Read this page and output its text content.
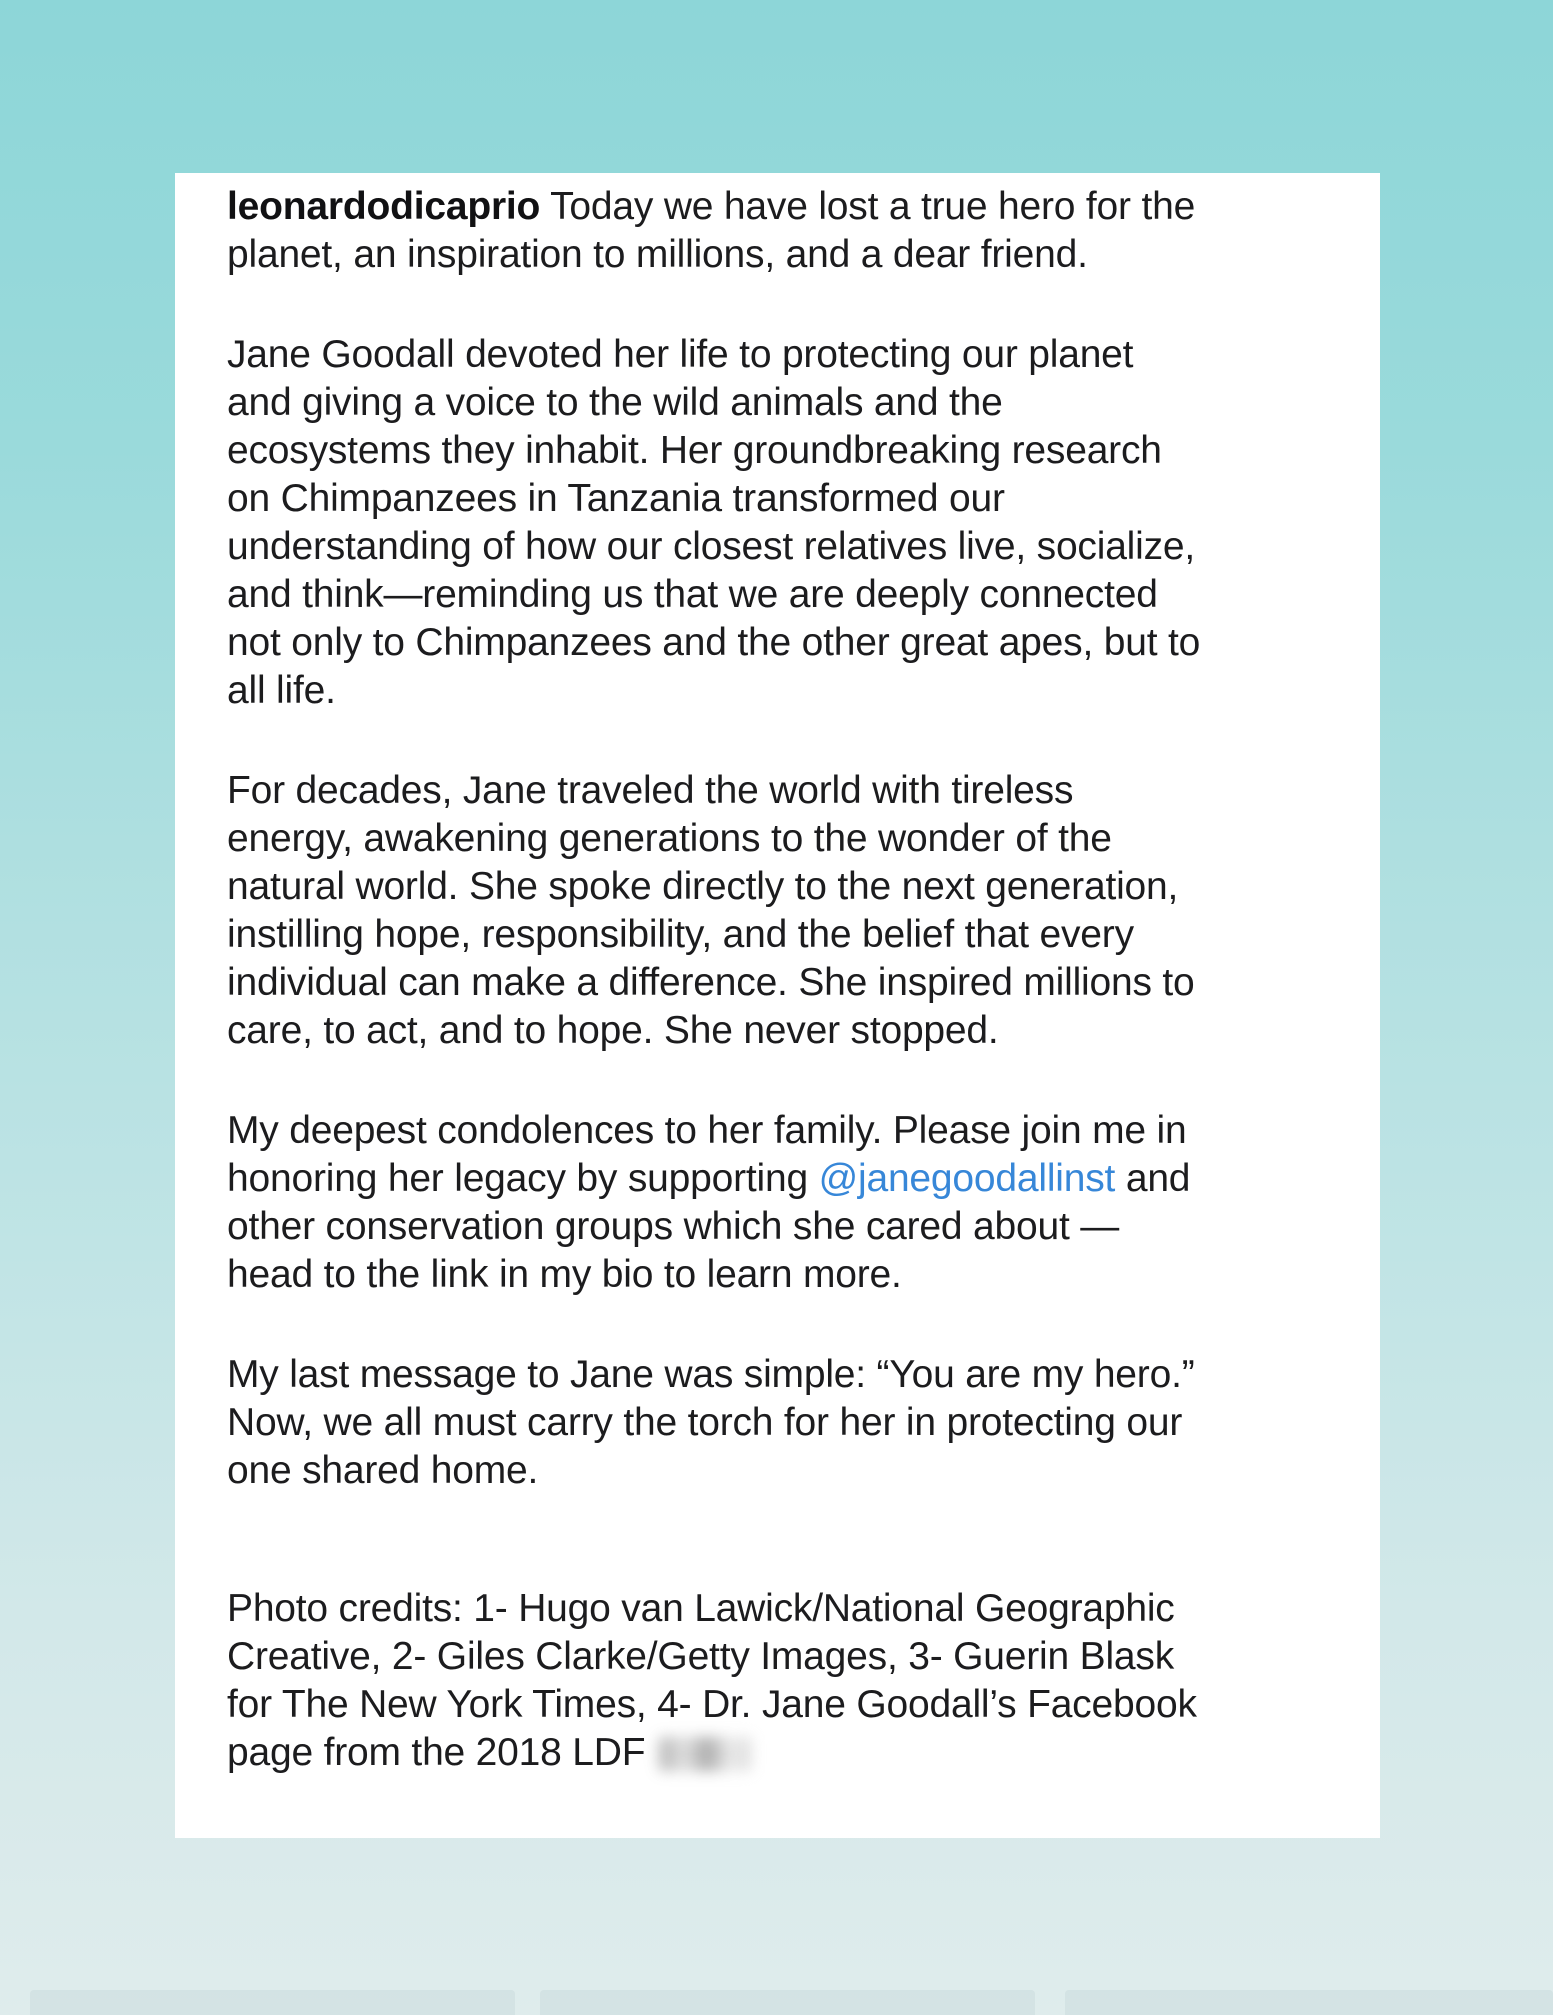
leonardodicaprio Today we have lost a true hero for the
planet, an inspiration to millions, and a dear friend.

Jane Goodall devoted her life to protecting our planet
and giving a voice to the wild animals and the
ecosystems they inhabit. Her groundbreaking research
on Chimpanzees in Tanzania transformed our
understanding of how our closest relatives live, socialize,
and think—reminding us that we are deeply connected
not only to Chimpanzees and the other great apes, but to
all life.

For decades, Jane traveled the world with tireless
energy, awakening generations to the wonder of the
natural world. She spoke directly to the next generation,
instilling hope, responsibility, and the belief that every
individual can make a difference. She inspired millions to
care, to act, and to hope. She never stopped.

My deepest condolences to her family. Please join me in
honoring her legacy by supporting @janegoodallinst and
other conservation groups which she cared about —
head to the link in my bio to learn more.

My last message to Jane was simple: “You are my hero.”
Now, we all must carry the torch for her in protecting our
one shared home.

Photo credits: 1- Hugo van Lawick/National Geographic
Creative, 2- Giles Clarke/Getty Images, 3- Guerin Blask
for The New York Times, 4- Dr. Jane Goodall’s Facebook
page from the 2018 LDF
